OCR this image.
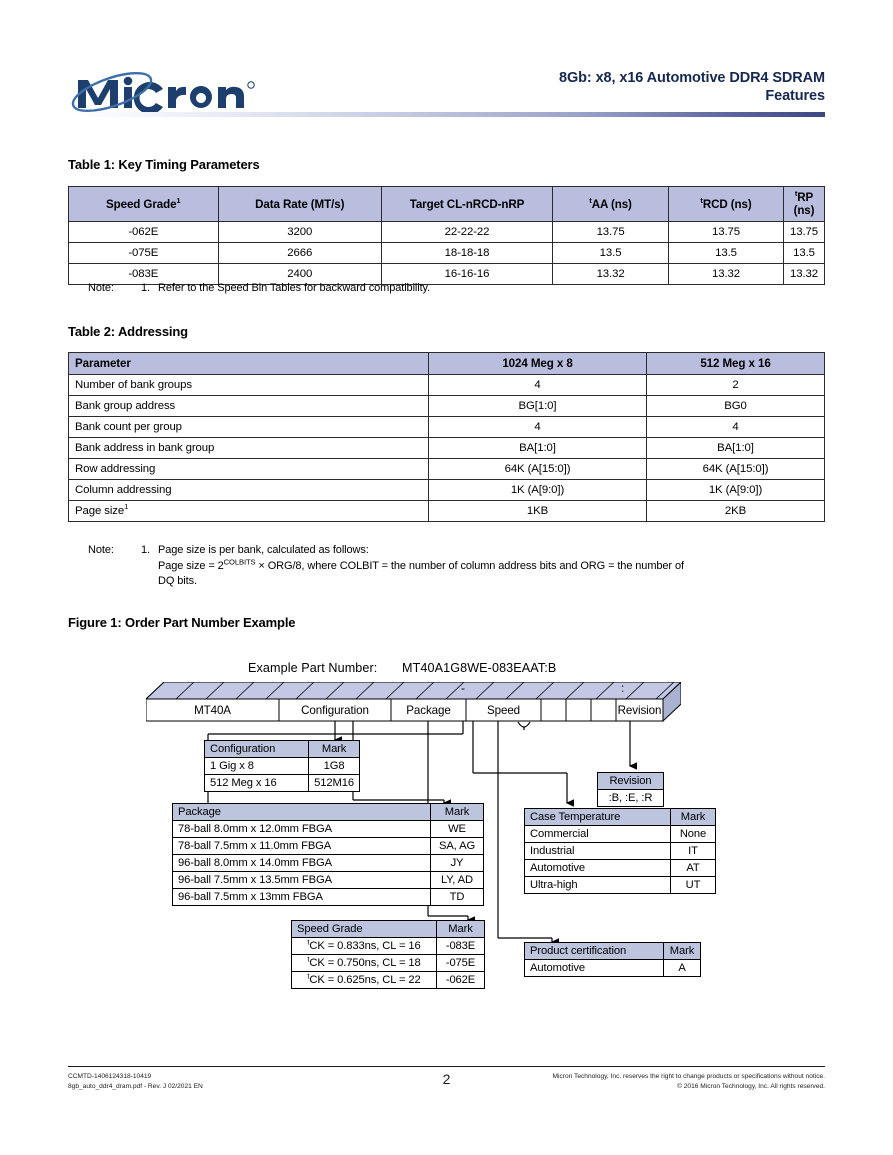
8Gb: x8, x16 Automotive DDR4 SDRAM
Features
Table 1: Key Timing Parameters
Speed Grade$^1$	Data Rate (MT/s)	Target CL-nRCD-nRP	$^t$AA (ns)	$^t$RCD (ns)	$^t$RP (ns)
-062E	3200	22-22-22	13.75	13.75	13.75
-075E	2666	18-18-18	13.5	13.5	13.5
-083E	2400	16-16-16	13.32	13.32	13.32
Note: 1. Refer to the Speed Bin Tables for backward compatibility.
Table 2: Addressing
Parameter	1024 Meg x 8	512 Meg x 16
Number of bank groups	4	2
Bank group address	BG[1:0]	BG0
Bank count per group	4	4
Bank address in bank group	BA[1:0]	BA[1:0]
Row addressing	64K (A[15:0])	64K (A[15:0])
Column addressing	1K (A[9:0])	1K (A[9:0])
Page size$^1$	1KB	2KB
Note: 1. Page size is per bank, calculated as follows:
Page size = $2^{COLBITS} \times ORG/8$, where COLBIT = the number of column address bits and ORG = the number of
DQ bits.
Figure 1: Order Part Number Example
Example Part Number: MT40A1G8WE-083EAAT:B
-	:
MT40A	Configuration	Package	Speed	Revision
Configuration	Mark
1 Gig x 8	1G8
512 Meg x 16	512M16
Package	Mark
78-ball 8.0mm x 12.0mm FBGA	WE
78-ball 7.5mm x 11.0mm FBGA	SA, AG
96-ball 8.0mm x 14.0mm FBGA	JY
96-ball 7.5mm x 13.5mm FBGA	LY, AD
96-ball 7.5mm x 13mm FBGA	TD
Speed Grade	Mark
$^t$CK = 0.833ns, CL = 16	-083E
$^t$CK = 0.750ns, CL = 18	-075E
$^t$CK = 0.625ns, CL = 22	-062E
Revision
:B, :E, :R
Case Temperature	Mark
Commercial	None
Industrial	IT
Automotive	AT
Ultra-high	UT
Product certification	Mark
Automotive	A
CCMTD-1406124318-10419
8gb_auto_ddr4_dram.pdf - Rev. J 02/2021 EN	2	Micron Technology, Inc. reserves the right to change products or specifications without notice.
© 2016 Micron Technology, Inc. All rights reserved.
